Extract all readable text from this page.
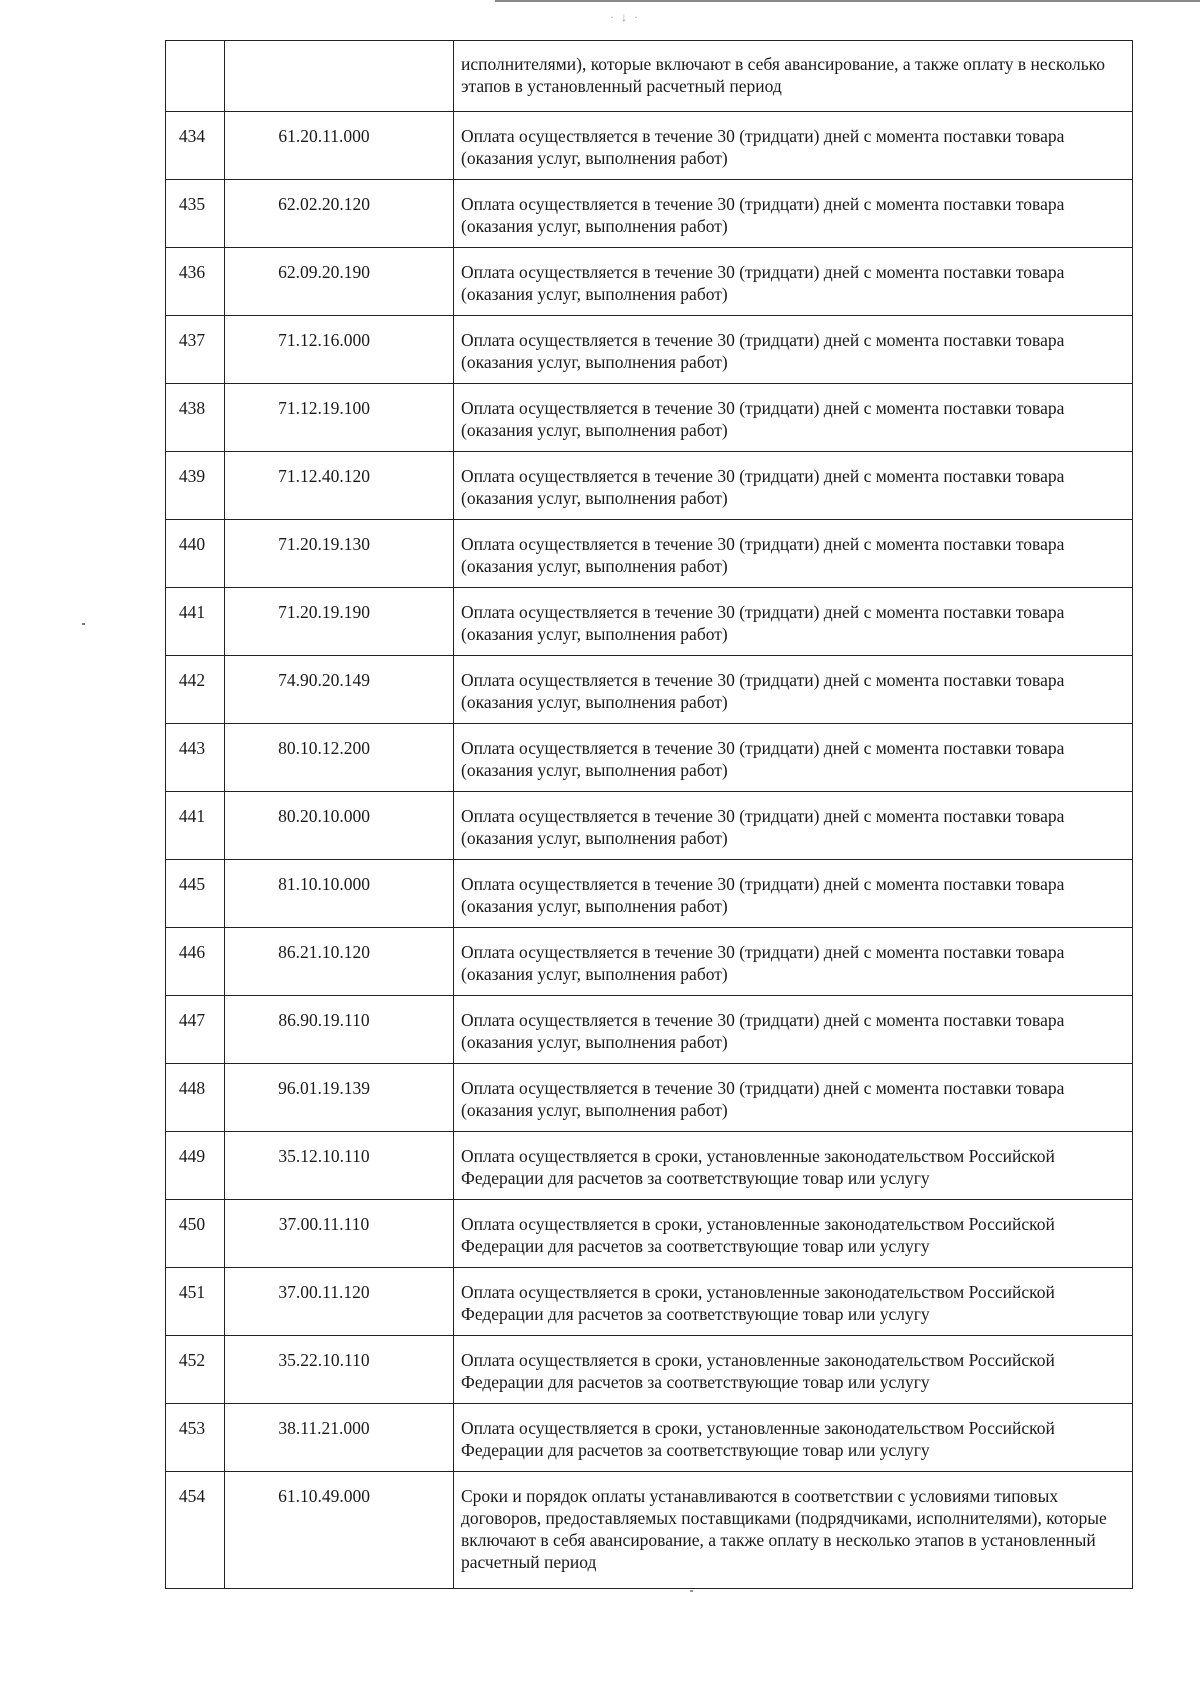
· ↓ ·
		исполнителями), которые включают в себя авансирование, а также оплату в несколько этапов в установленный расчетный период
434	61.20.11.000	Оплата осуществляется в течение 30 (тридцати) дней с момента поставки товара (оказания услуг, выполнения работ)
435	62.02.20.120	Оплата осуществляется в течение 30 (тридцати) дней с момента поставки товара (оказания услуг, выполнения работ)
436	62.09.20.190	Оплата осуществляется в течение 30 (тридцати) дней с момента поставки товара (оказания услуг, выполнения работ)
437	71.12.16.000	Оплата осуществляется в течение 30 (тридцати) дней с момента поставки товара (оказания услуг, выполнения работ)
438	71.12.19.100	Оплата осуществляется в течение 30 (тридцати) дней с момента поставки товара (оказания услуг, выполнения работ)
439	71.12.40.120	Оплата осуществляется в течение 30 (тридцати) дней с момента поставки товара (оказания услуг, выполнения работ)
440	71.20.19.130	Оплата осуществляется в течение 30 (тридцати) дней с момента поставки товара (оказания услуг, выполнения работ)
441	71.20.19.190	Оплата осуществляется в течение 30 (тридцати) дней с момента поставки товара (оказания услуг, выполнения работ)
442	74.90.20.149	Оплата осуществляется в течение 30 (тридцати) дней с момента поставки товара (оказания услуг, выполнения работ)
443	80.10.12.200	Оплата осуществляется в течение 30 (тридцати) дней с момента поставки товара (оказания услуг, выполнения работ)
441	80.20.10.000	Оплата осуществляется в течение 30 (тридцати) дней с момента поставки товара (оказания услуг, выполнения работ)
445	81.10.10.000	Оплата осуществляется в течение 30 (тридцати) дней с момента поставки товара (оказания услуг, выполнения работ)
446	86.21.10.120	Оплата осуществляется в течение 30 (тридцати) дней с момента поставки товара (оказания услуг, выполнения работ)
447	86.90.19.110	Оплата осуществляется в течение 30 (тридцати) дней с момента поставки товара (оказания услуг, выполнения работ)
448	96.01.19.139	Оплата осуществляется в течение 30 (тридцати) дней с момента поставки товара (оказания услуг, выполнения работ)
449	35.12.10.110	Оплата осуществляется в сроки, установленные законодательством Российской Федерации для расчетов за соответствующие товар или услугу
450	37.00.11.110	Оплата осуществляется в сроки, установленные законодательством Российской Федерации для расчетов за соответствующие товар или услугу
451	37.00.11.120	Оплата осуществляется в сроки, установленные законодательством Российской Федерации для расчетов за соответствующие товар или услугу
452	35.22.10.110	Оплата осуществляется в сроки, установленные законодательством Российской Федерации для расчетов за соответствующие товар или услугу
453	38.11.21.000	Оплата осуществляется в сроки, установленные законодательством Российской Федерации для расчетов за соответствующие товар или услугу
454	61.10.49.000	Сроки и порядок оплаты устанавливаются в соответствии с условиями типовых договоров, предоставляемых поставщиками (подрядчиками, исполнителями), которые включают в себя авансирование, а также оплату в несколько этапов в установленный расчетный период
